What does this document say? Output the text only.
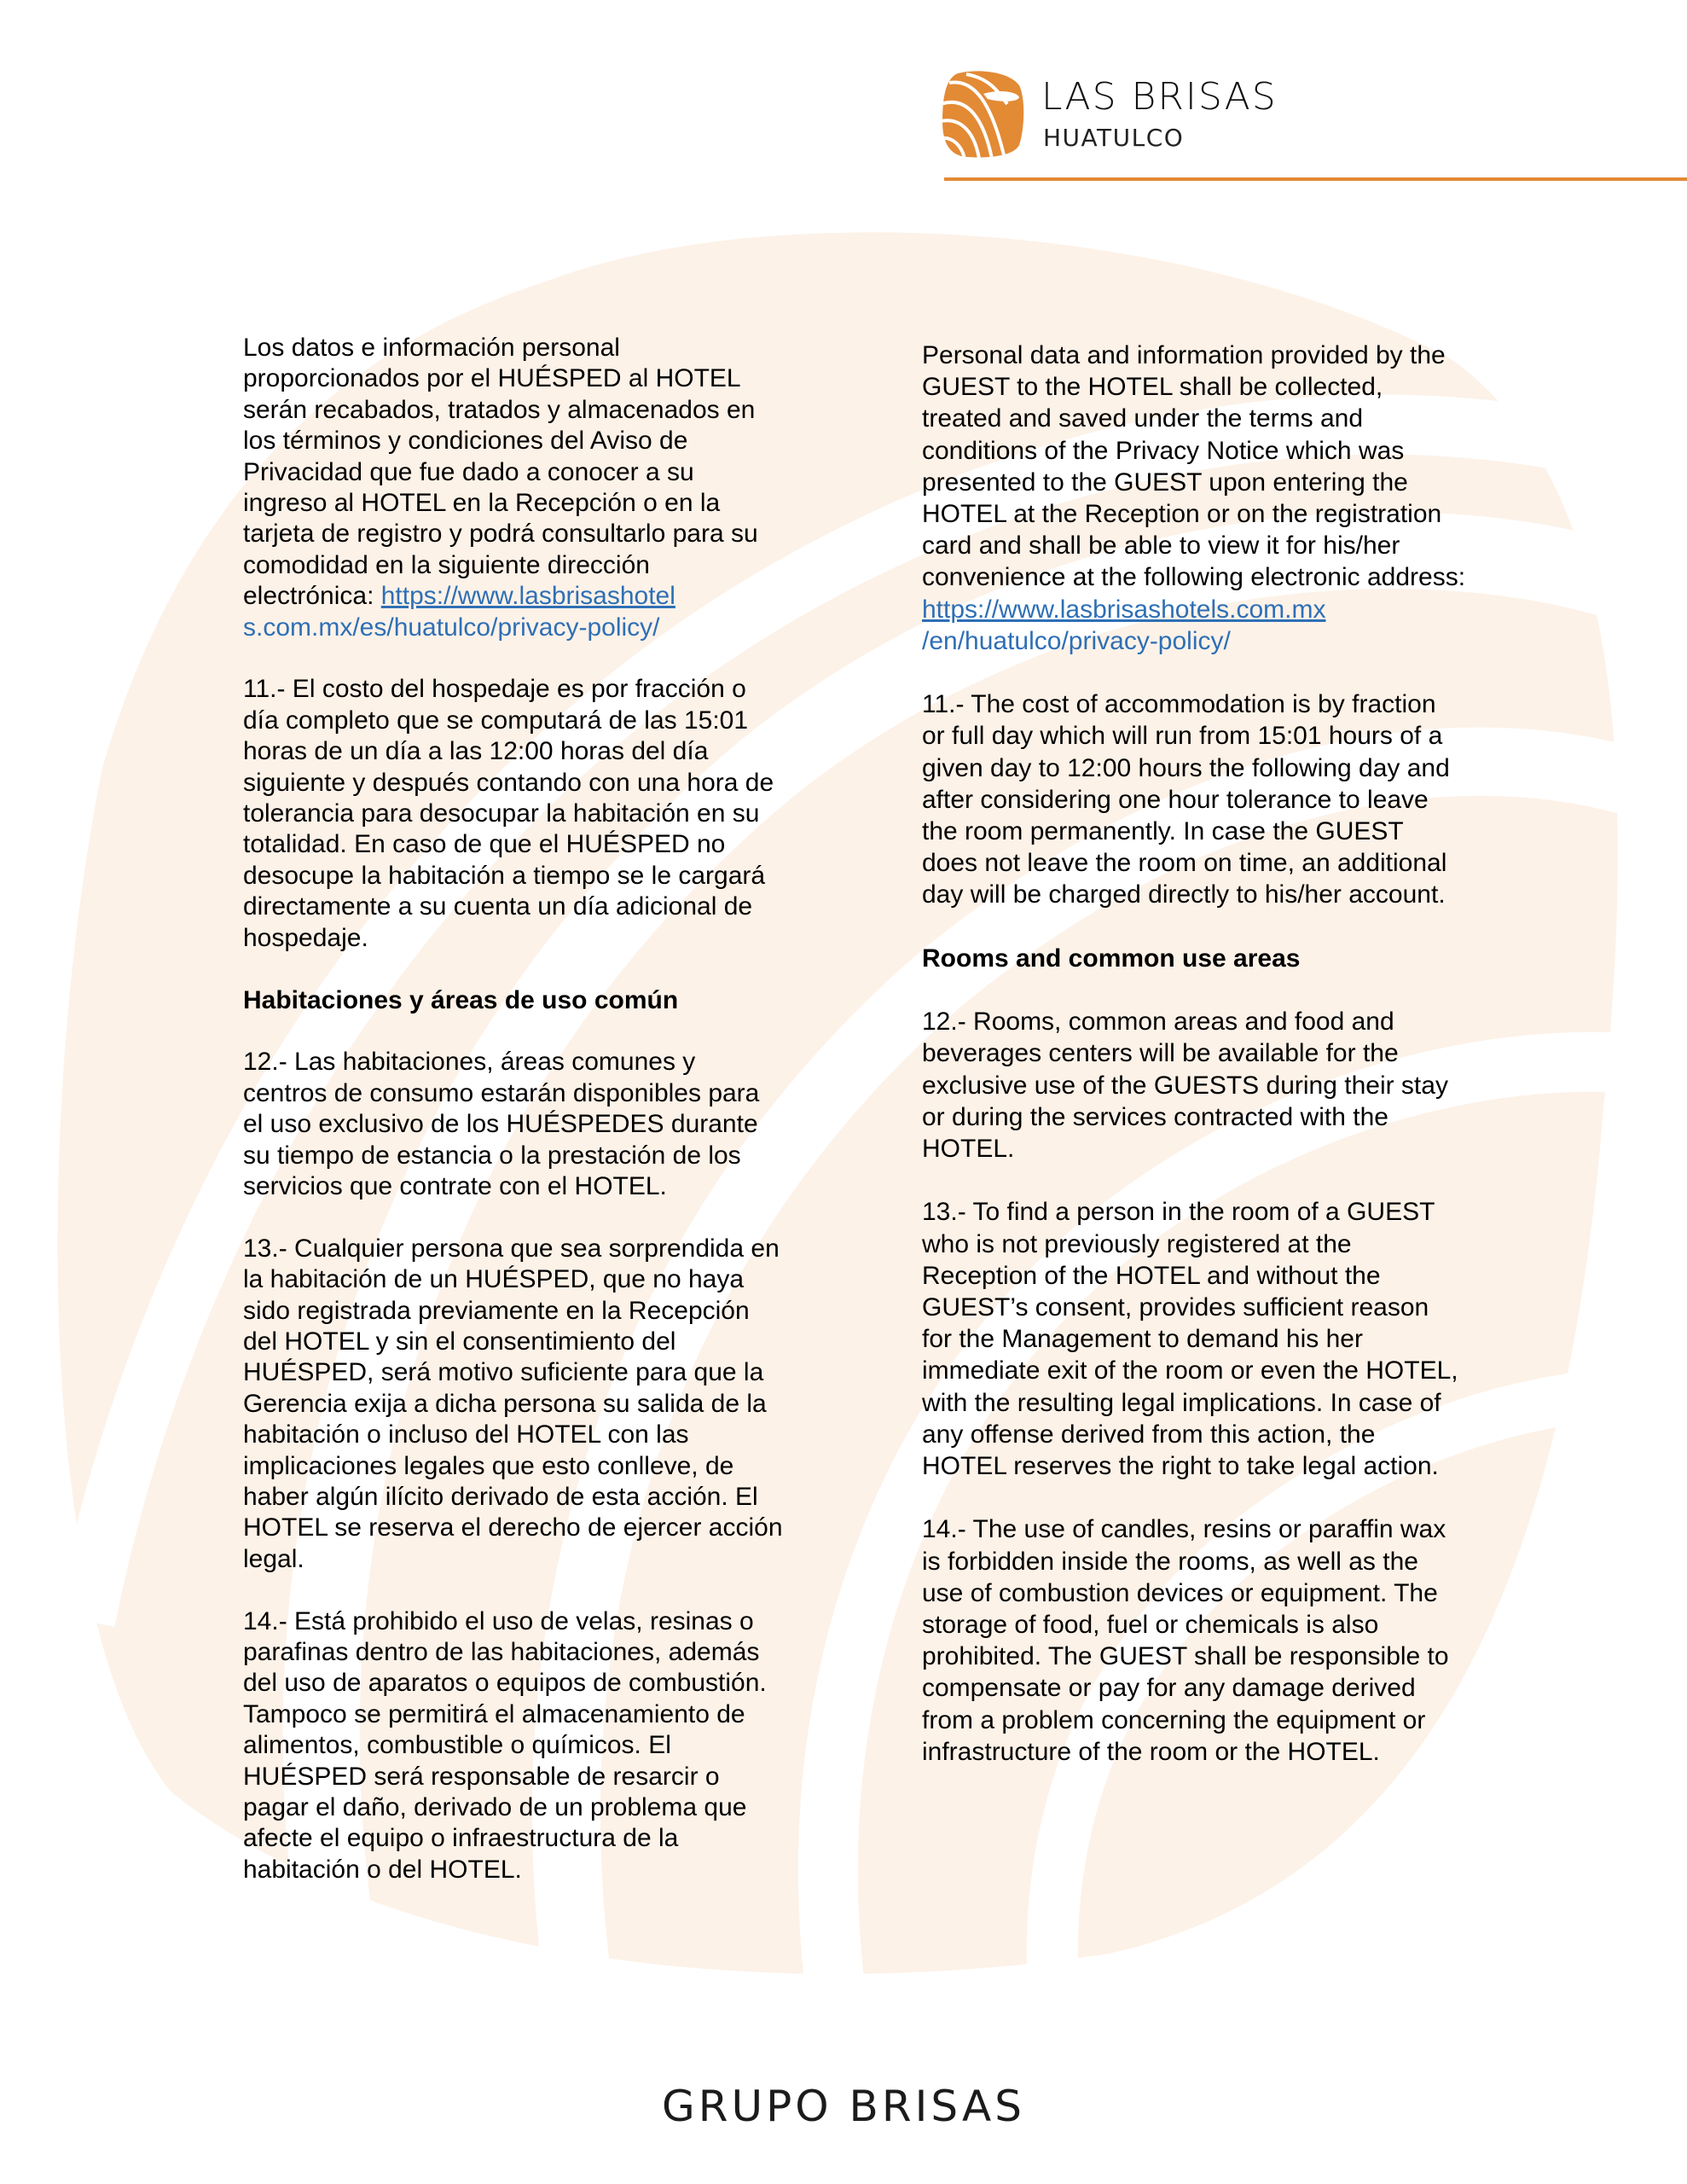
LAS BRISAS
HUATULCO

Los datos e información personal
proporcionados por el HUÉSPED al HOTEL
serán recabados, tratados y almacenados en
los términos y condiciones del Aviso de
Privacidad que fue dado a conocer a su
ingreso al HOTEL en la Recepción o en la
tarjeta de registro y podrá consultarlo para su
comodidad en la siguiente dirección
electrónica: https://www.lasbrisashotel
s.com.mx/es/huatulco/privacy-policy/

11.- El costo del hospedaje es por fracción o
día completo que se computará de las 15:01
horas de un día a las 12:00 horas del día
siguiente y después contando con una hora de
tolerancia para desocupar la habitación en su
totalidad. En caso de que el HUÉSPED no
desocupe la habitación a tiempo se le cargará
directamente a su cuenta un día adicional de
hospedaje.

Habitaciones y áreas de uso común

12.- Las habitaciones, áreas comunes y
centros de consumo estarán disponibles para
el uso exclusivo de los HUÉSPEDES durante
su tiempo de estancia o la prestación de los
servicios que contrate con el HOTEL.

13.- Cualquier persona que sea sorprendida en
la habitación de un HUÉSPED, que no haya
sido registrada previamente en la Recepción
del HOTEL y sin el consentimiento del
HUÉSPED, será motivo suficiente para que la
Gerencia exija a dicha persona su salida de la
habitación o incluso del HOTEL con las
implicaciones legales que esto conlleve, de
haber algún ilícito derivado de esta acción. El
HOTEL se reserva el derecho de ejercer acción
legal.

14.- Está prohibido el uso de velas, resinas o
parafinas dentro de las habitaciones, además
del uso de aparatos o equipos de combustión.
Tampoco se permitirá el almacenamiento de
alimentos, combustible o químicos. El
HUÉSPED será responsable de resarcir o
pagar el daño, derivado de un problema que
afecte el equipo o infraestructura de la
habitación o del HOTEL.

Personal data and information provided by the
GUEST to the HOTEL shall be collected,
treated and saved under the terms and
conditions of the Privacy Notice which was
presented to the GUEST upon entering the
HOTEL at the Reception or on the registration
card and shall be able to view it for his/her
convenience at the following electronic address:
https://www.lasbrisashotels.com.mx
/en/huatulco/privacy-policy/

11.- The cost of accommodation is by fraction
or full day which will run from 15:01 hours of a
given day to 12:00 hours the following day and
after considering one hour tolerance to leave
the room permanently. In case the GUEST
does not leave the room on time, an additional
day will be charged directly to his/her account.

Rooms and common use areas

12.- Rooms, common areas and food and
beverages centers will be available for the
exclusive use of the GUESTS during their stay
or during the services contracted with the
HOTEL.

13.- To find a person in the room of a GUEST
who is not previously registered at the
Reception of the HOTEL and without the
GUEST’s consent, provides sufficient reason
for the Management to demand his her
immediate exit of the room or even the HOTEL,
with the resulting legal implications. In case of
any offense derived from this action, the
HOTEL reserves the right to take legal action.

14.- The use of candles, resins or paraffin wax
is forbidden inside the rooms, as well as the
use of combustion devices or equipment. The
storage of food, fuel or chemicals is also
prohibited. The GUEST shall be responsible to
compensate or pay for any damage derived
from a problem concerning the equipment or
infrastructure of the room or the HOTEL.

GRUPO BRISAS
